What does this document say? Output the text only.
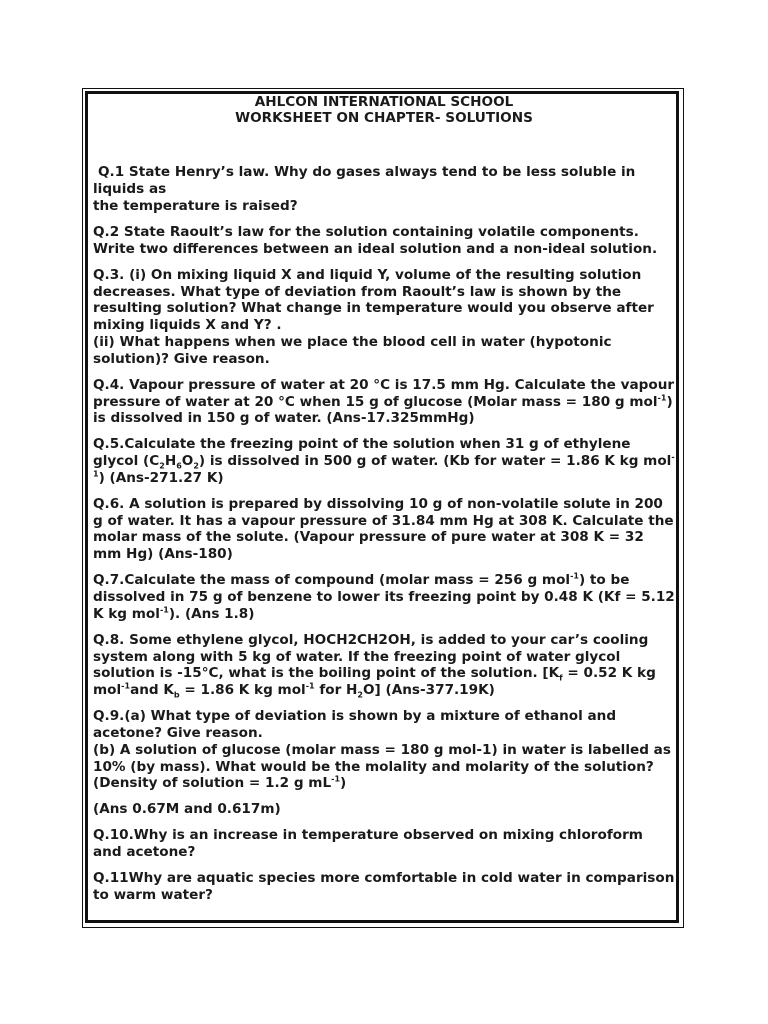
AHLCON INTERNATIONAL SCHOOL
WORKSHEET ON CHAPTER- SOLUTIONS
Q.1 State Henry’s law. Why do gases always tend to be less soluble in
liquids as
the temperature is raised?
Q.2 State Raoult’s law for the solution containing volatile components. Write two differences between an ideal solution and a non-ideal solution.
Q.3. (i) On mixing liquid X and liquid Y, volume of the resulting solution decreases. What type of deviation from Raoult’s law is shown by the resulting solution? What change in temperature would you observe after mixing liquids X and Y? .
(ii) What happens when we place the blood cell in water (hypotonic solution)? Give reason.
Q.4. Vapour pressure of water at 20 °C is 17.5 mm Hg. Calculate the vapour pressure of water at 20 °C when 15 g of glucose (Molar mass = 180 g mol$^{-1}$) is dissolved in 150 g of water. (Ans-17.325mmHg)
Q.5.Calculate the freezing point of the solution when 31 g of ethylene glycol $(C_2H_6O_2)$ is dissolved in 500 g of water. (Kb for water = 1.86 K kg mol$^{-1}$) (Ans-271.27 K)
Q.6. A solution is prepared by dissolving 10 g of non-volatile solute in 200 g of water. It has a vapour pressure of 31.84 mm Hg at 308 K. Calculate the molar mass of the solute. (Vapour pressure of pure water at 308 K = 32 mm Hg) (Ans-180)
Q.7.Calculate the mass of compound (molar mass = 256 g mol$^{-1}$) to be dissolved in 75 g of benzene to lower its freezing point by 0.48 K (Kf = 5.12 K kg mol$^{-1}$). (Ans 1.8)
Q.8. Some ethylene glycol, HOCH2CH2OH, is added to your car’s cooling system along with 5 kg of water. If the freezing point of water glycol solution is -15°C, what is the boiling point of the solution. [$K_f = 0.52$ K kg mol$^{-1}$and $K_b = 1.86$ K kg mol$^{-1}$ for $H_2O$] (Ans-377.19K)
Q.9.(a) What type of deviation is shown by a mixture of ethanol and acetone? Give reason.
(b) A solution of glucose (molar mass = 180 g mol-1) in water is labelled as 10% (by mass). What would be the molality and molarity of the solution? (Density of solution = 1.2 g $mL^{-1}$)
(Ans 0.67M and 0.617m)
Q.10.Why is an increase in temperature observed on mixing chloroform and acetone?
Q.11Why are aquatic species more comfortable in cold water in comparison to warm water?
